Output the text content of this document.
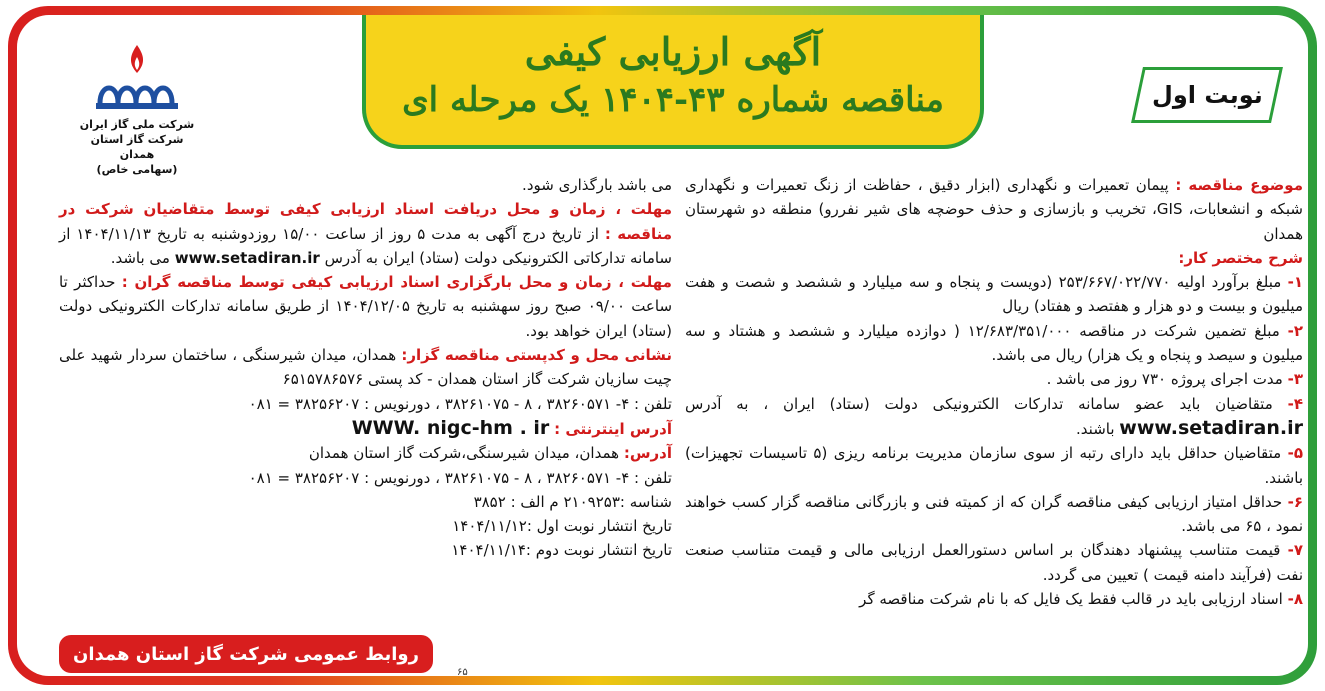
آگهی ارزیابی کیفی
مناقصه شماره ۴۳-۱۴۰۴ یک مرحله ای	نوبت اول
شرکت ملی گاز ایران
شرکت گاز استان همدان
(سهامی خاص)
موضوع مناقصه : پیمان تعمیرات و نگهداری (ابزار دقیق ، حفاظت از زنگ تعمیرات و نگهداری شبکه و انشعابات، GIS، تخریب و بازسازی و حذف حوضچه های شیر نفررو) منطقه دو شهرستان همدان
شرح مختصر کار:
۱- مبلغ برآورد اولیه ۲۵۳/۶۶۷/۰۲۲/۷۷۰ (دویست و پنجاه و سه میلیارد و ششصد و شصت و هفت میلیون و بیست و دو هزار و هفتصد و هفتاد) ریال
۲- مبلغ تضمین شرکت در مناقصه ۱۲/۶۸۳/۳۵۱/۰۰۰ ( دوازده میلیارد و ششصد و هشتاد و سه میلیون و سیصد و پنجاه و یک هزار) ریال می باشد.
۳- مدت اجرای پروژه ۷۳۰ روز می باشد .
۴- متقاضیان باید عضو سامانه تدارکات الکترونیکی دولت (ستاد) ایران ، به آدرس www.setadiran.ir باشند.
۵- متقاضیان حداقل باید دارای رتبه از سوی سازمان مدیریت برنامه ریزی (۵ تاسیسات تجهیزات) باشند.
۶- حداقل امتیاز ارزیابی کیفی مناقصه گران که از کمیته فنی و بازرگانی مناقصه گزار کسب خواهند نمود ، ۶۵ می باشد.
۷- قیمت متناسب پیشنهاد دهندگان بر اساس دستورالعمل ارزیابی مالی و قیمت متناسب صنعت نفت (فرآیند دامنه قیمت ) تعیین می گردد.
۸- اسناد ارزیابی باید در قالب فقط یک فایل که با نام شرکت مناقصه گر
می باشد بارگذاری شود.
مهلت ، زمان و محل دریافت اسناد ارزیابی کیفی توسط متقاضیان شرکت در مناقصه : از تاریخ درج آگهی به مدت ۵ روز از ساعت ۱۵/۰۰ روزدوشنبه به تاریخ ۱۴۰۴/۱۱/۱۳ از سامانه تدارکاتی الکترونیکی دولت (ستاد) ایران به آدرس www.setadiran.ir می باشد.
مهلت ، زمان و محل بارگزاری اسناد ارزیابی کیفی توسط مناقصه گران : حداکثر تا ساعت ۰۹/۰۰ صبح روز سهشنبه به تاریخ ۱۴۰۴/۱۲/۰۵ از طریق سامانه تدارکات الکترونیکی دولت (ستاد) ایران خواهد بود.
نشانی محل و کدپستی مناقصه گزار: همدان، میدان شیرسنگی ، ساختمان سردار شهید علی چیت سازیان شرکت گاز استان همدان - کد پستی ۶۵۱۵۷۸۶۵۷۶
تلفن : ۴- ۳۸۲۶۰۵۷۱ ، ۸ - ۳۸۲۶۱۰۷۵ ، دورنویس : ۳۸۲۵۶۲۰۷ = ۰۸۱
آدرس اینترنتی : WWW. nigc-hm . ir
آدرس: همدان، میدان شیرسنگی،شرکت گاز استان همدان
تلفن : ۴- ۳۸۲۶۰۵۷۱ ، ۸ - ۳۸۲۶۱۰۷۵ ، دورنویس : ۳۸۲۵۶۲۰۷ = ۰۸۱
شناسه :۲۱۰۹۲۵۳ م الف : ۳۸۵۲
تاریخ انتشار نوبت اول :۱۴۰۴/۱۱/۱۲
تاریخ انتشار نوبت دوم :۱۴۰۴/۱۱/۱۴
روابط عمومی شرکت گاز استان همدان
۶۵
